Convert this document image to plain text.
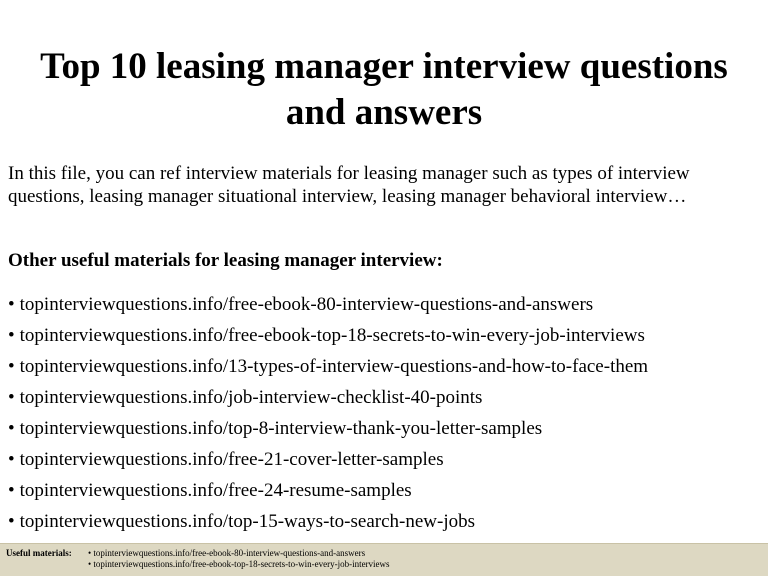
Top 10 leasing manager interview questions
and answers

In this file, you can ref interview materials for leasing manager such as types of interview questions, leasing manager situational interview, leasing manager behavioral interview…

Other useful materials for leasing manager interview:

• topinterviewquestions.info/free-ebook-80-interview-questions-and-answers
• topinterviewquestions.info/free-ebook-top-18-secrets-to-win-every-job-interviews
• topinterviewquestions.info/13-types-of-interview-questions-and-how-to-face-them
• topinterviewquestions.info/job-interview-checklist-40-points
• topinterviewquestions.info/top-8-interview-thank-you-letter-samples
• topinterviewquestions.info/free-21-cover-letter-samples
• topinterviewquestions.info/free-24-resume-samples
• topinterviewquestions.info/top-15-ways-to-search-new-jobs
Useful materials: • topinterviewquestions.info/free-ebook-80-interview-questions-and-answers
• topinterviewquestions.info/free-ebook-top-18-secrets-to-win-every-job-interviews
